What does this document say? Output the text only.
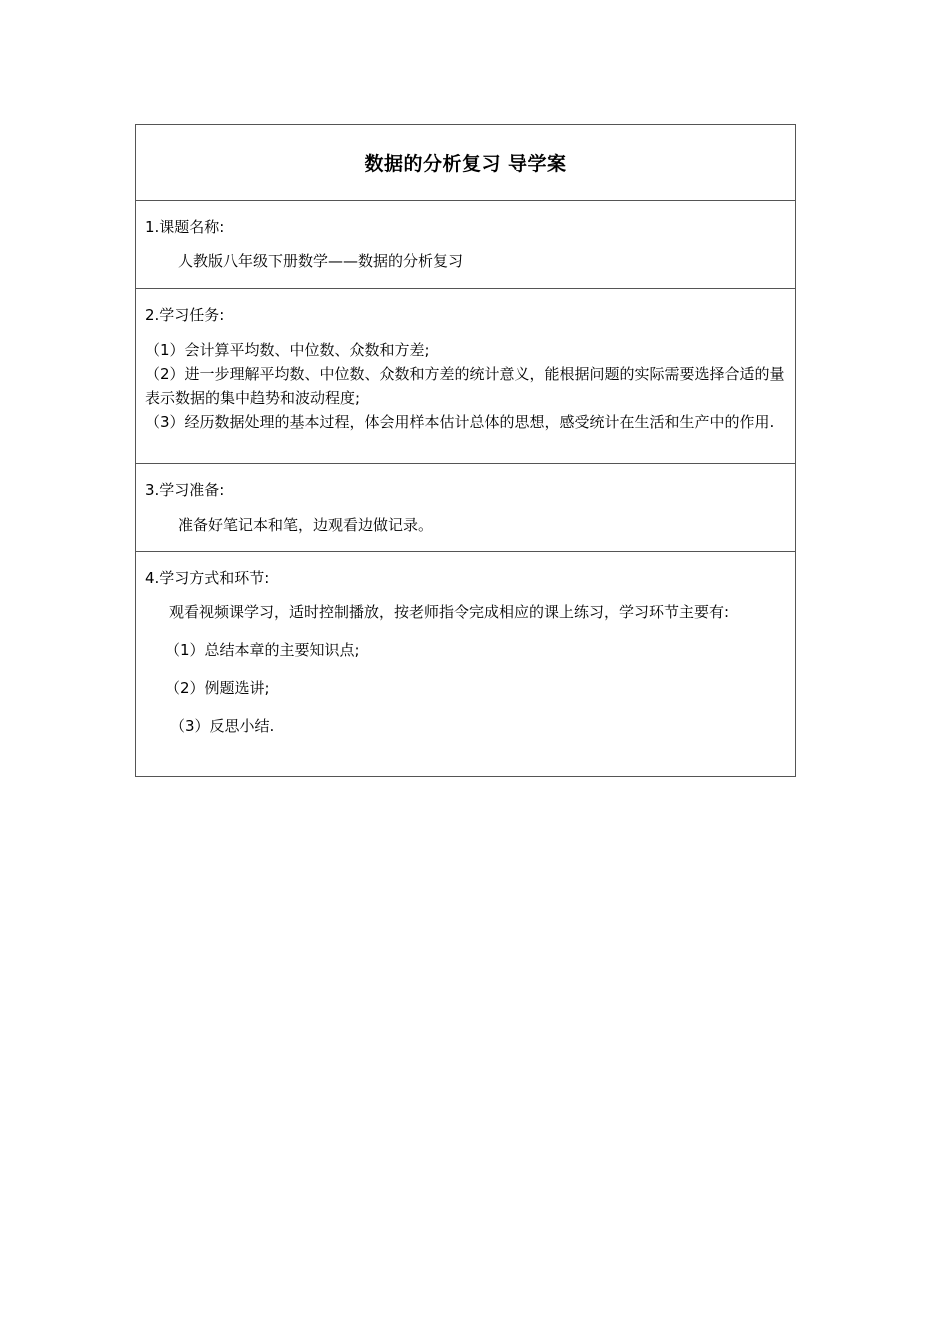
数据的分析复习 导学案
1.课题名称:
人教版八年级下册数学——数据的分析复习
2.学习任务:
（1）会计算平均数、中位数、众数和方差;
（2）进一步理解平均数、中位数、众数和方差的统计意义，能根据问题的实际需要选择合适的量表示数据的集中趋势和波动程度;
（3）经历数据处理的基本过程，体会用样本估计总体的思想，感受统计在生活和生产中的作用.
3.学习准备:
准备好笔记本和笔，边观看边做记录。
4.学习方式和环节:
观看视频课学习，适时控制播放，按老师指令完成相应的课上练习，学习环节主要有:
（1）总结本章的主要知识点;
（2）例题选讲;
（3）反思小结.
